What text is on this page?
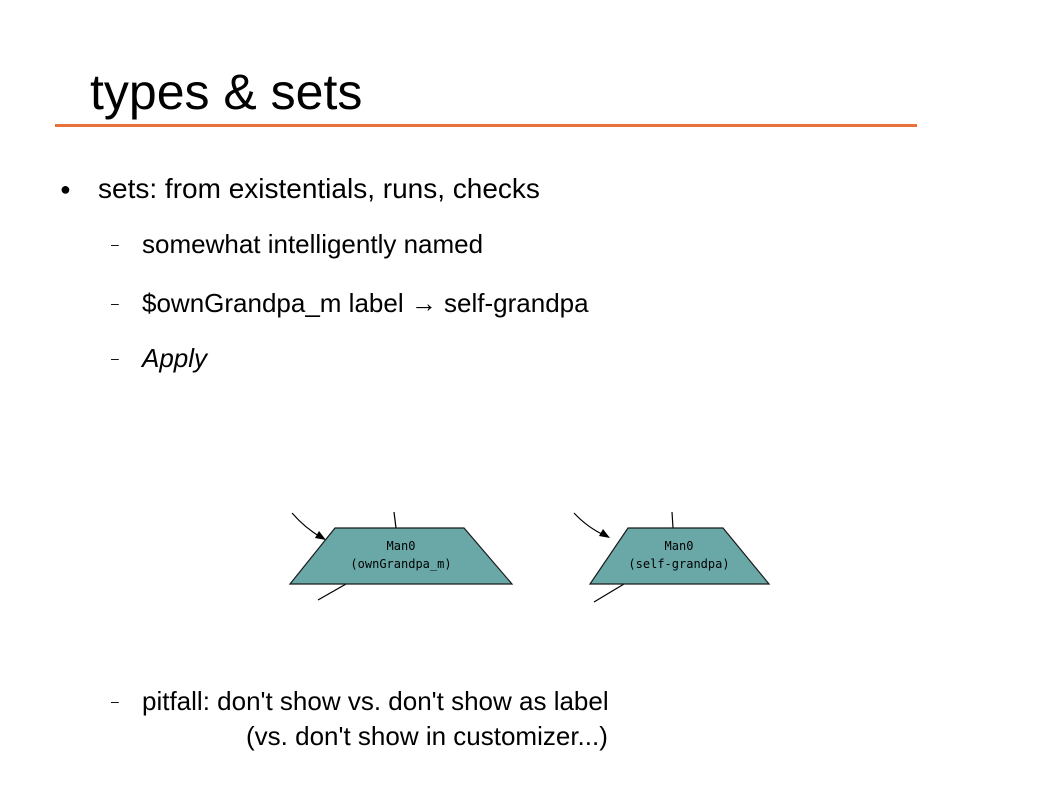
types & sets
● sets: from existentials, runs, checks
– somewhat intelligently named
– $ownGrandpa_m label → self-grandpa
– Apply
Man0
(ownGrandpa_m)
Man0
(self-grandpa)
– pitfall: don't show vs. don't show as label
(vs. don't show in customizer...)
